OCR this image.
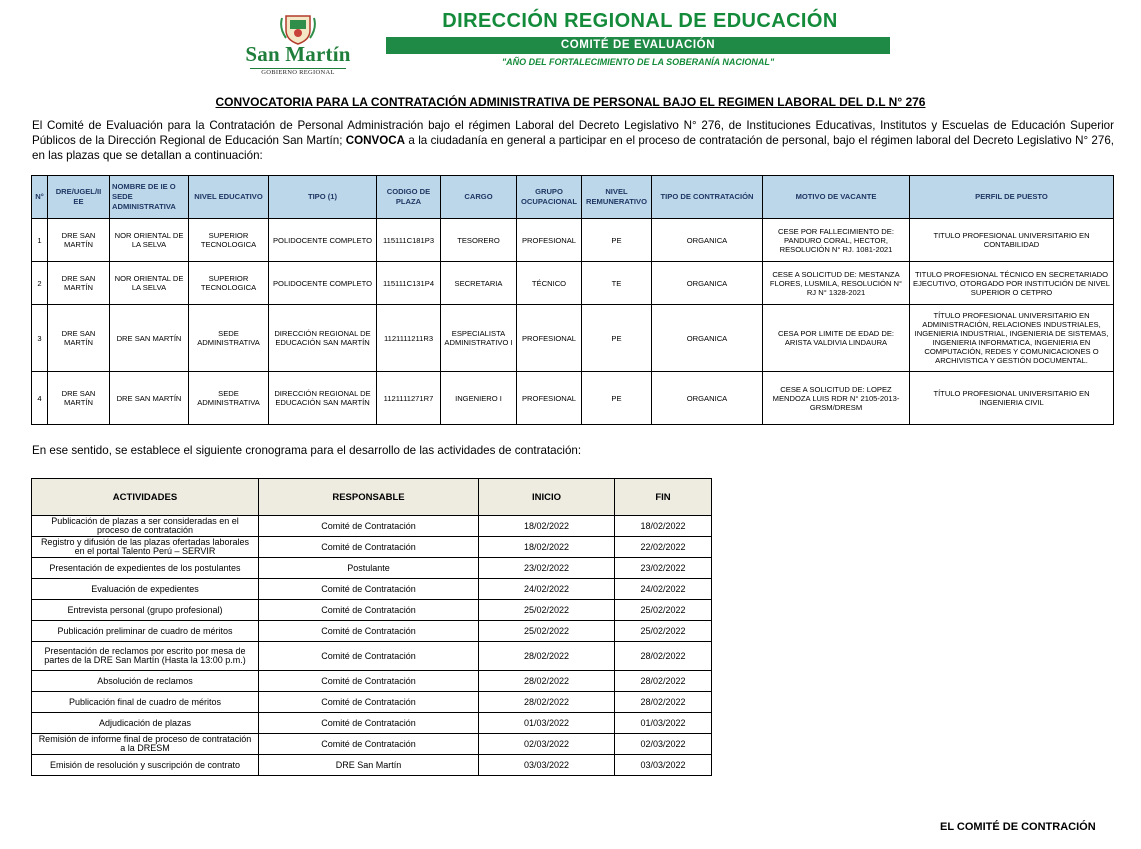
San Martín
GOBIERNO REGIONAL
DIRECCIÓN REGIONAL DE EDUCACIÓN
COMITÉ DE EVALUACIÓN
"AÑO DEL FORTALECIMIENTO DE LA SOBERANÍA NACIONAL"
CONVOCATORIA PARA LA CONTRATACIÓN ADMINISTRATIVA DE PERSONAL BAJO EL REGIMEN LABORAL DEL D.L N° 276
El Comité de Evaluación para la Contratación de Personal Administración bajo el régimen Laboral del Decreto Legislativo N° 276, de Instituciones Educativas, Institutos y Escuelas de Educación Superior Públicos de la Dirección Regional de Educación San Martín; CONVOCA a la ciudadanía en general a participar en el proceso de contratación de personal, bajo el régimen laboral del Decreto Legislativo N° 276, en las plazas que se detallan a continuación:
N°	DRE/UGEL/II EE	NOMBRE DE IE O SEDE ADMINISTRATIVA	NIVEL EDUCATIVO	TIPO (1)	CODIGO DE PLAZA	CARGO	GRUPO OCUPACIONAL	NIVEL REMUNERATIVO	TIPO DE CONTRATACIÓN	MOTIVO DE VACANTE	PERFIL DE PUESTO
1	DRE SAN MARTÍN	NOR ORIENTAL DE LA SELVA	SUPERIOR TECNOLOGICA	POLIDOCENTE COMPLETO	115111C181P3	TESORERO	PROFESIONAL	PE	ORGANICA	CESE POR FALLECIMIENTO DE: PANDURO CORAL, HECTOR, RESOLUCIÓN N° RJ. 1081-2021	TITULO PROFESIONAL UNIVERSITARIO EN CONTABILIDAD
2	DRE SAN MARTÍN	NOR ORIENTAL DE LA SELVA	SUPERIOR TECNOLOGICA	POLIDOCENTE COMPLETO	115111C131P4	SECRETARIA	TÉCNICO	TE	ORGANICA	CESE A SOLICITUD DE: MESTANZA FLORES, LUSMILA, RESOLUCIÓN N° RJ N° 1328-2021	TITULO PROFESIONAL TÉCNICO EN SECRETARIADO EJECUTIVO, OTORGADO POR INSTITUCIÓN DE NIVEL SUPERIOR O CETPRO
3	DRE SAN MARTÍN	DRE SAN MARTÍN	SEDE ADMINISTRATIVA	DIRECCIÓN REGIONAL DE EDUCACIÓN SAN MARTÍN	1121111211R3	ESPECIALISTA ADMINISTRATIVO I	PROFESIONAL	PE	ORGANICA	CESA POR LIMITE DE EDAD DE: ARISTA VALDIVIA LINDAURA	TÍTULO PROFESIONAL UNIVERSITARIO EN ADMINISTRACIÓN, RELACIONES INDUSTRIALES, INGENIERIA INDUSTRIAL, INGENIERIA DE SISTEMAS, INGENIERIA INFORMATICA, INGENIERIA EN COMPUTACIÓN, REDES Y COMUNICACIONES O ARCHIVISTICA Y GESTIÓN DOCUMENTAL.
4	DRE SAN MARTÍN	DRE SAN MARTÍN	SEDE ADMINISTRATIVA	DIRECCIÓN REGIONAL DE EDUCACIÓN SAN MARTÍN	1121111271R7	INGENIERO I	PROFESIONAL	PE	ORGANICA	CESE A SOLICITUD DE: LOPEZ MENDOZA LUIS RDR N° 2105-2013-GRSM/DRESM	TÍTULO PROFESIONAL UNIVERSITARIO EN INGENIERIA CIVIL
En ese sentido, se establece el siguiente cronograma para el desarrollo de las actividades de contratación:
ACTIVIDADES	RESPONSABLE	INICIO	FIN
Publicación de plazas a ser consideradas en el proceso de contratación	Comité de Contratación	18/02/2022	18/02/2022
Registro y difusión de las plazas ofertadas laborales en el portal Talento Perú – SERVIR	Comité de Contratación	18/02/2022	22/02/2022
Presentación de expedientes de los postulantes	Postulante	23/02/2022	23/02/2022
Evaluación de expedientes	Comité de Contratación	24/02/2022	24/02/2022
Entrevista personal (grupo profesional)	Comité de Contratación	25/02/2022	25/02/2022
Publicación preliminar de cuadro de méritos	Comité de Contratación	25/02/2022	25/02/2022
Presentación de reclamos por escrito por mesa de partes de la DRE San Martín (Hasta la 13:00 p.m.)	Comité de Contratación	28/02/2022	28/02/2022
Absolución de reclamos	Comité de Contratación	28/02/2022	28/02/2022
Publicación final de cuadro de méritos	Comité de Contratación	28/02/2022	28/02/2022
Adjudicación de plazas	Comité de Contratación	01/03/2022	01/03/2022
Remisión de informe final de proceso de contratación a la DRESM	Comité de Contratación	02/03/2022	02/03/2022
Emisión de resolución y suscripción de contrato	DRE San Martín	03/03/2022	03/03/2022
EL COMITÉ DE CONTRACIÓN
